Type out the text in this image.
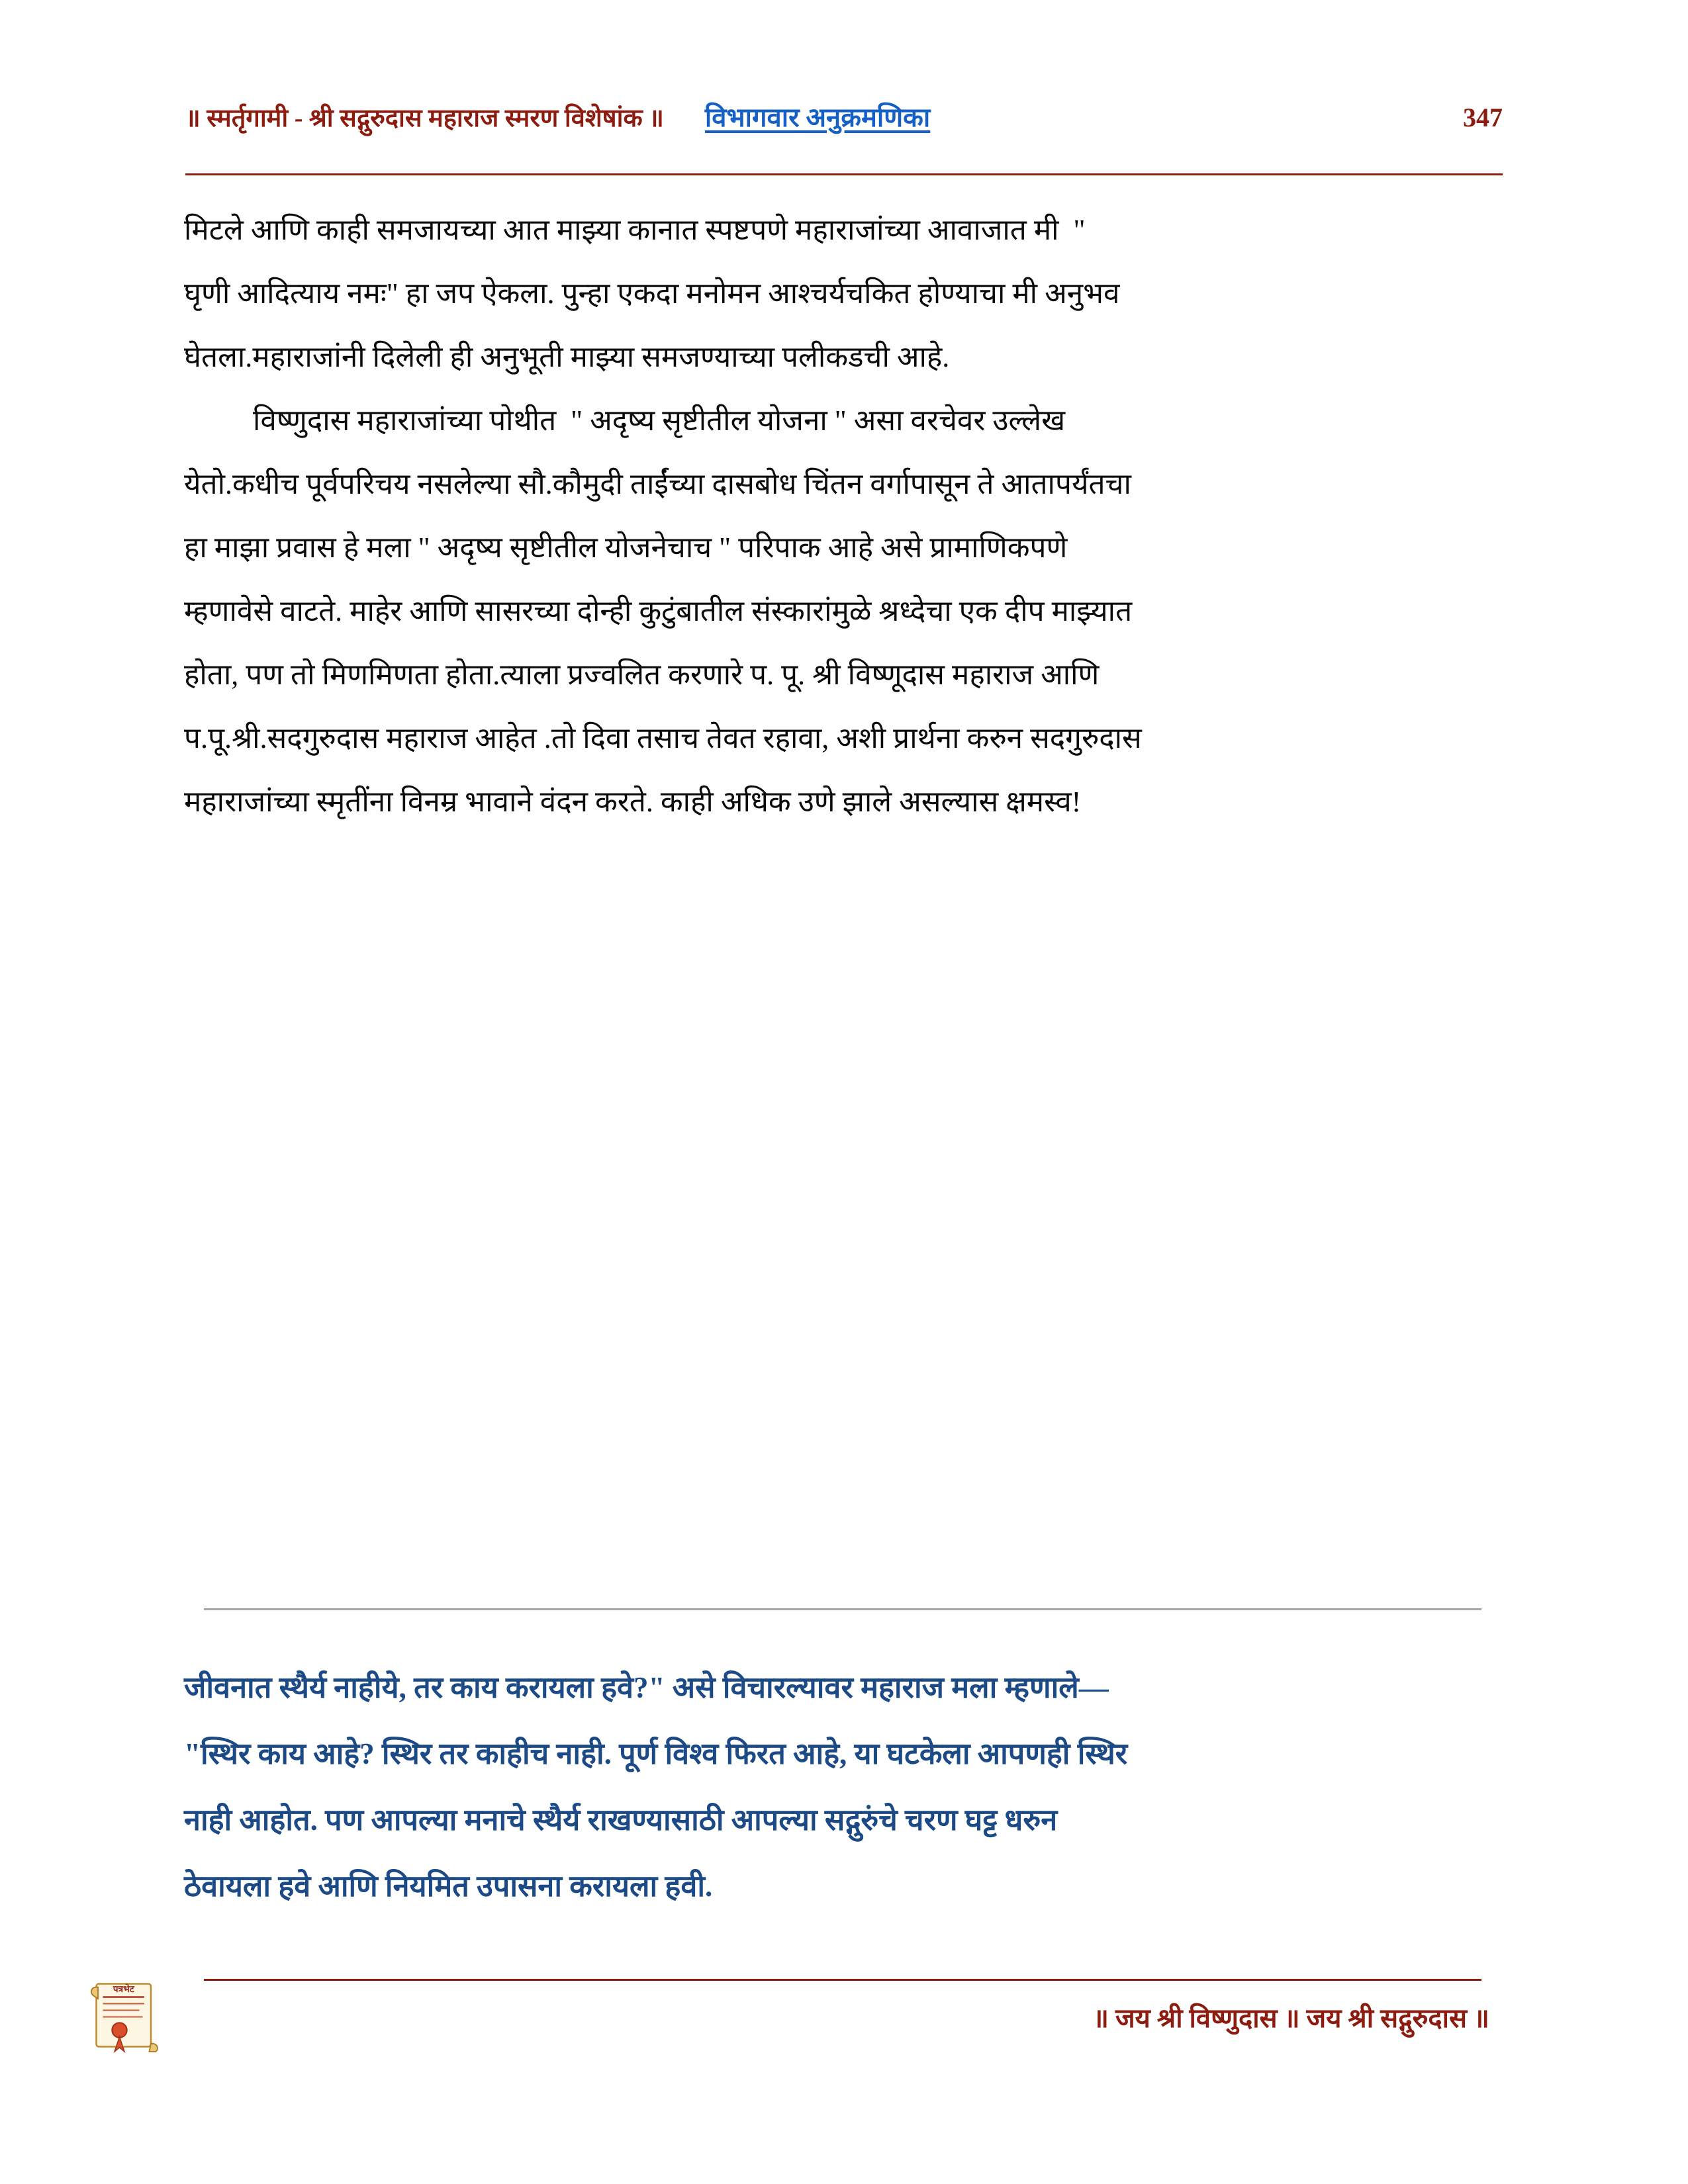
॥ स्मर्तृगामी - श्री सद्गुरुदास महाराज स्मरण विशेषांक ॥ विभागवार अनुक्रमणिका	347
मिटले आणि काही समजायच्या आत माझ्या कानात स्पष्टपणे महाराजांच्या आवाजात मी  "
घृणी आदित्याय नमः" हा जप ऐकला. पुन्हा एकदा मनोमन आश्चर्यचकित होण्याचा मी अनुभव
घेतला.महाराजांनी दिलेली ही अनुभूती माझ्या समजण्याच्या पलीकडची आहे.
विष्णुदास महाराजांच्या पोथीत  " अदृष्य सृष्टीतील योजना " असा वरचेवर उल्लेख
येतो.कधीच पूर्वपरिचय नसलेल्या सौ.कौमुदी ताईंच्या दासबोध चिंतन वर्गापासून ते आतापर्यंतचा
हा माझा प्रवास हे मला " अदृष्य सृष्टीतील योजनेचाच " परिपाक आहे असे प्रामाणिकपणे
म्हणावेसे वाटते. माहेर आणि सासरच्या दोन्ही कुटुंबातील संस्कारांमुळे श्रध्देचा एक दीप माझ्यात
होता, पण तो मिणमिणता होता.त्याला प्रज्वलित करणारे प. पू. श्री विष्णूदास महाराज आणि
प.पू.श्री.सदगुरुदास महाराज आहेत .तो दिवा तसाच तेवत रहावा, अशी प्रार्थना करुन सदगुरुदास
महाराजांच्या स्मृतींना विनम्र भावाने वंदन करते. काही अधिक उणे झाले असल्यास क्षमस्व!
जीवनात स्थैर्य नाहीये, तर काय करायला हवे?" असे विचारल्यावर महाराज मला म्हणाले—
"स्थिर काय आहे? स्थिर तर काहीच नाही. पूर्ण विश्व फिरत आहे, या घटकेला आपणही स्थिर
नाही आहोत. पण आपल्या मनाचे स्थैर्य राखण्यासाठी आपल्या सद्गुरुंचे चरण घट्ट धरुन
ठेवायला हवे आणि नियमित उपासना करायला हवी.
॥ जय श्री विष्णुदास ॥ जय श्री सद्गुरुदास ॥
पत्रभेट
